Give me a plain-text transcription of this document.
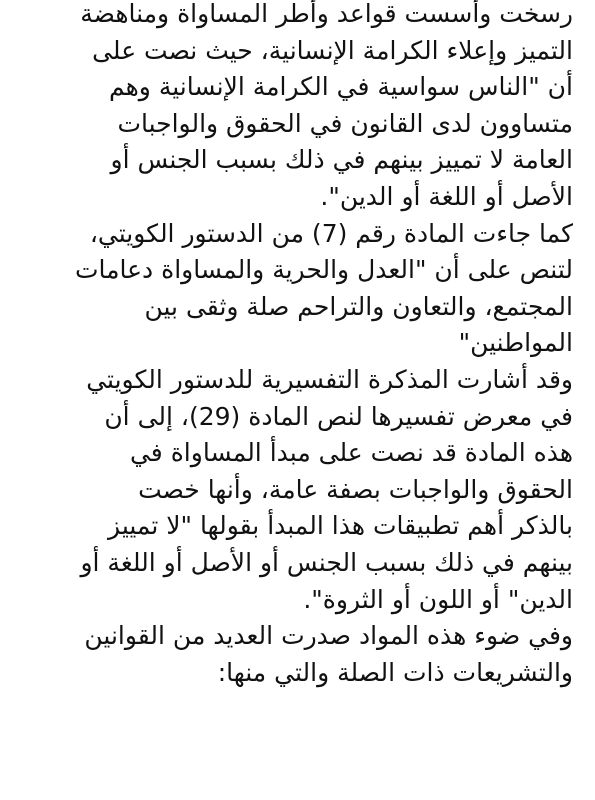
رسخت وأسست قواعد وأطر المساواة ومناهضة
التميز وإعلاء الكرامة الإنسانية، حيث نصت على
أن "الناس سواسية في الكرامة الإنسانية وهم
متساوون لدى القانون في الحقوق والواجبات
العامة لا تمييز بينهم في ذلك بسبب الجنس أو
الأصل أو اللغة أو الدين".
كما جاءت المادة رقم (7) من الدستور الكويتي،
لتنص على أن "العدل والحرية والمساواة دعامات
المجتمع، والتعاون والتراحم صلة وثقى بين
المواطنين"
وقد أشارت المذكرة التفسيرية للدستور الكويتي
في معرض تفسيرها لنص المادة (29)، إلى أن
هذه المادة قد نصت على مبدأ المساواة في
الحقوق والواجبات بصفة عامة، وأنها خصت
بالذكر أهم تطبيقات هذا المبدأ بقولها "لا تمييز
بينهم في ذلك بسبب الجنس أو الأصل أو اللغة أو
الدين" أو اللون أو الثروة".
وفي ضوء هذه المواد صدرت العديد من القوانين
والتشريعات ذات الصلة والتي منها:
